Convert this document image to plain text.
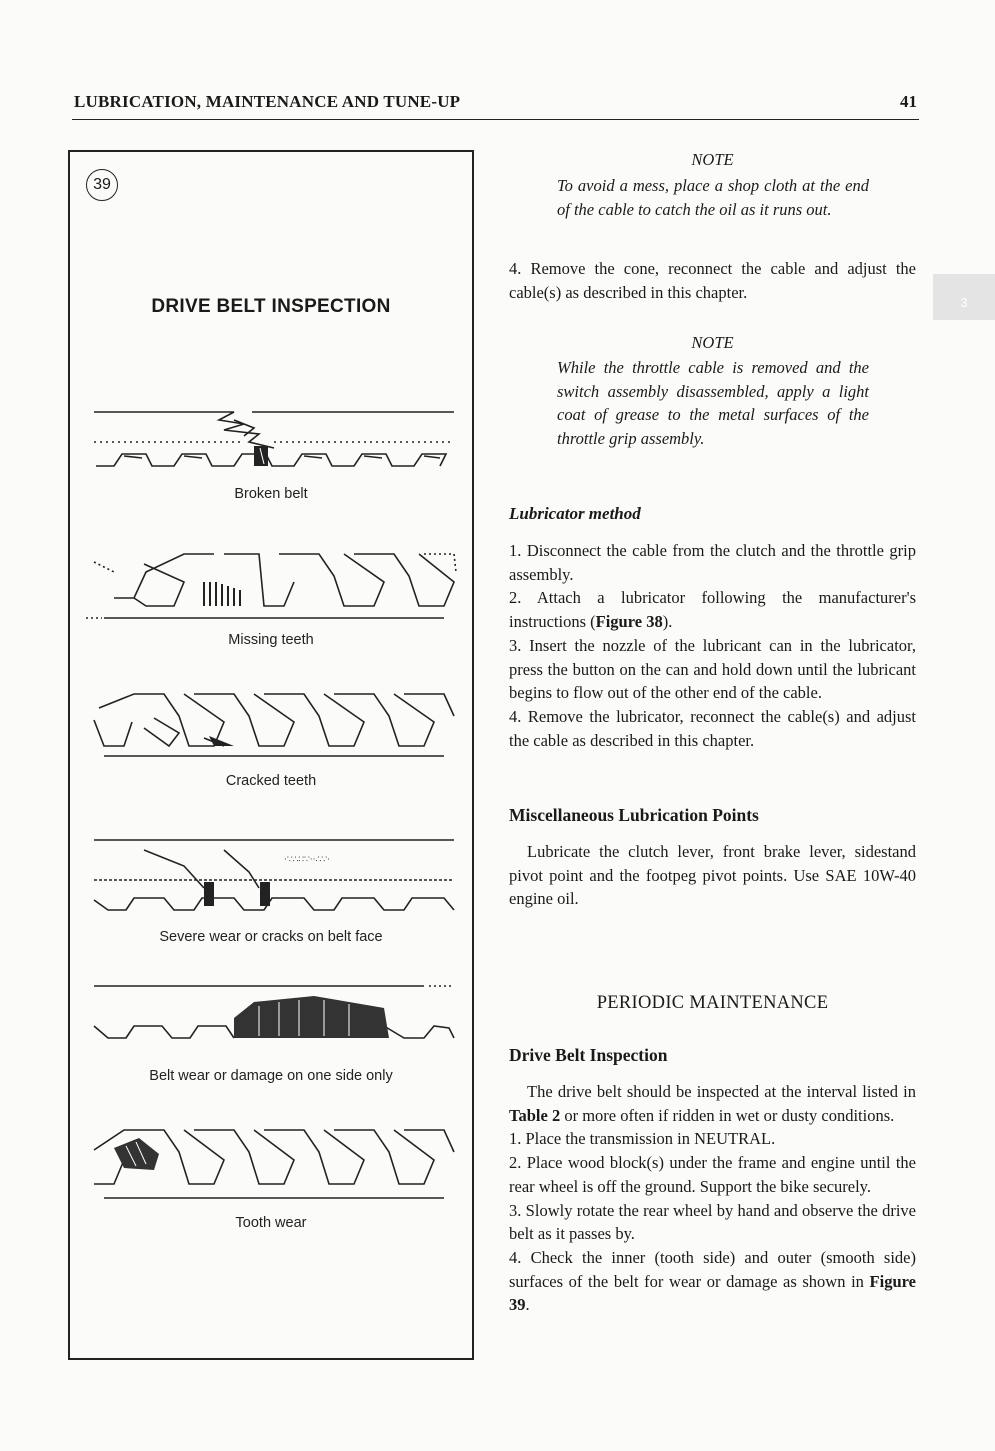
LUBRICATION, MAINTENANCE AND TUNE-UP	41
3
39
DRIVE BELT INSPECTION
Broken belt
Missing teeth
Cracked teeth
·∵∴∷∵··∴∵·
Severe wear or cracks on belt face
Belt wear or damage on one side only
Tooth wear
NOTE
To avoid a mess, place a shop cloth at the end of the cable to catch the oil as it runs out.

4. Remove the cone, reconnect the cable and adjust the cable(s) as described in this chapter.

NOTE
While the throttle cable is removed and the switch assembly disassembled, apply a light coat of grease to the metal surfaces of the throttle grip assembly.
Lubricator method

1. Disconnect the cable from the clutch and the throttle grip assembly.

2. Attach a lubricator following the manufacturer's instructions (Figure 38).

3. Insert the nozzle of the lubricant can in the lubricator, press the button on the can and hold down until the lubricant begins to flow out of the other end of the cable.

4. Remove the lubricator, reconnect the cable(s) and adjust the cable as described in this chapter.

Miscellaneous Lubrication Points

Lubricate the clutch lever, front brake lever, sidestand pivot point and the footpeg pivot points. Use SAE 10W-40 engine oil.

PERIODIC MAINTENANCE
Drive Belt Inspection

The drive belt should be inspected at the interval listed in Table 2 or more often if ridden in wet or dusty conditions.

1. Place the transmission in NEUTRAL.

2. Place wood block(s) under the frame and engine until the rear wheel is off the ground. Support the bike securely.

3. Slowly rotate the rear wheel by hand and observe the drive belt as it passes by.

4. Check the inner (tooth side) and outer (smooth side) surfaces of the belt for wear or damage as shown in Figure 39.
